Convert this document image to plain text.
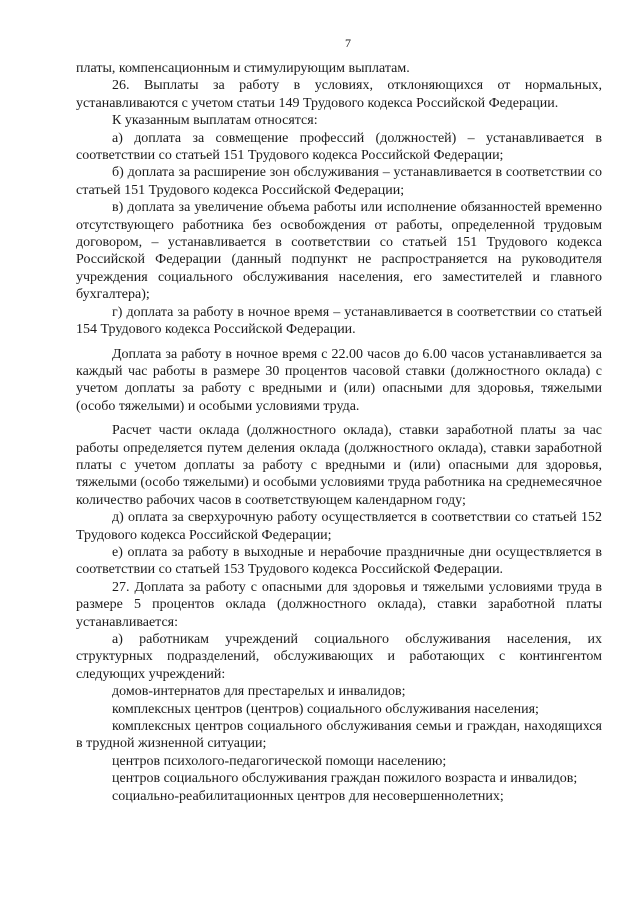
7

платы, компенсационным и стимулирующим выплатам.

26. Выплаты за работу в условиях, отклоняющихся от нормальных, устанавливаются с учетом статьи 149 Трудового кодекса Российской Федерации.

К указанным выплатам относятся:

а) доплата за совмещение профессий (должностей) – устанавливается в соответствии со статьей 151 Трудового кодекса Российской Федерации;

б) доплата за расширение зон обслуживания – устанавливается в соответствии со статьей 151 Трудового кодекса Российской Федерации;

в) доплата за увеличение объема работы или исполнение обязанностей временно отсутствующего работника без освобождения от работы, определенной трудовым договором, – устанавливается в соответствии со статьей 151 Трудового кодекса Российской Федерации (данный подпункт не распространяется на руководителя учреждения социального обслуживания населения, его заместителей и главного бухгалтера);

г) доплата за работу в ночное время – устанавливается в соответствии со статьей 154 Трудового кодекса Российской Федерации.

Доплата за работу в ночное время с 22.00 часов до 6.00 часов устанавливается за каждый час работы в размере 30 процентов часовой ставки (должностного оклада) с учетом доплаты за работу с вредными и (или) опасными для здоровья, тяжелыми (особо тяжелыми) и особыми условиями труда.

Расчет части оклада (должностного оклада), ставки заработной платы за час работы определяется путем деления оклада (должностного оклада), ставки заработной платы с учетом доплаты за работу с вредными и (или) опасными для здоровья, тяжелыми (особо тяжелыми) и особыми условиями труда работника на среднемесячное количество рабочих часов в соответствующем календарном году;

д) оплата за сверхурочную работу осуществляется в соответствии со статьей 152 Трудового кодекса Российской Федерации;

е) оплата за работу в выходные и нерабочие праздничные дни осуществляется в соответствии со статьей 153 Трудового кодекса Российской Федерации.

27. Доплата за работу с опасными для здоровья и тяжелыми условиями труда в размере 5 процентов оклада (должностного оклада), ставки заработной платы устанавливается:

а) работникам учреждений социального обслуживания населения, их структурных подразделений, обслуживающих и работающих с контингентом следующих учреждений:

домов-интернатов для престарелых и инвалидов;

комплексных центров (центров) социального обслуживания населения;

комплексных центров социального обслуживания семьи и граждан, находящихся в трудной жизненной ситуации;

центров психолого-педагогической помощи населению;

центров социального обслуживания граждан пожилого возраста и инвалидов;

социально-реабилитационных центров для несовершеннолетних;
